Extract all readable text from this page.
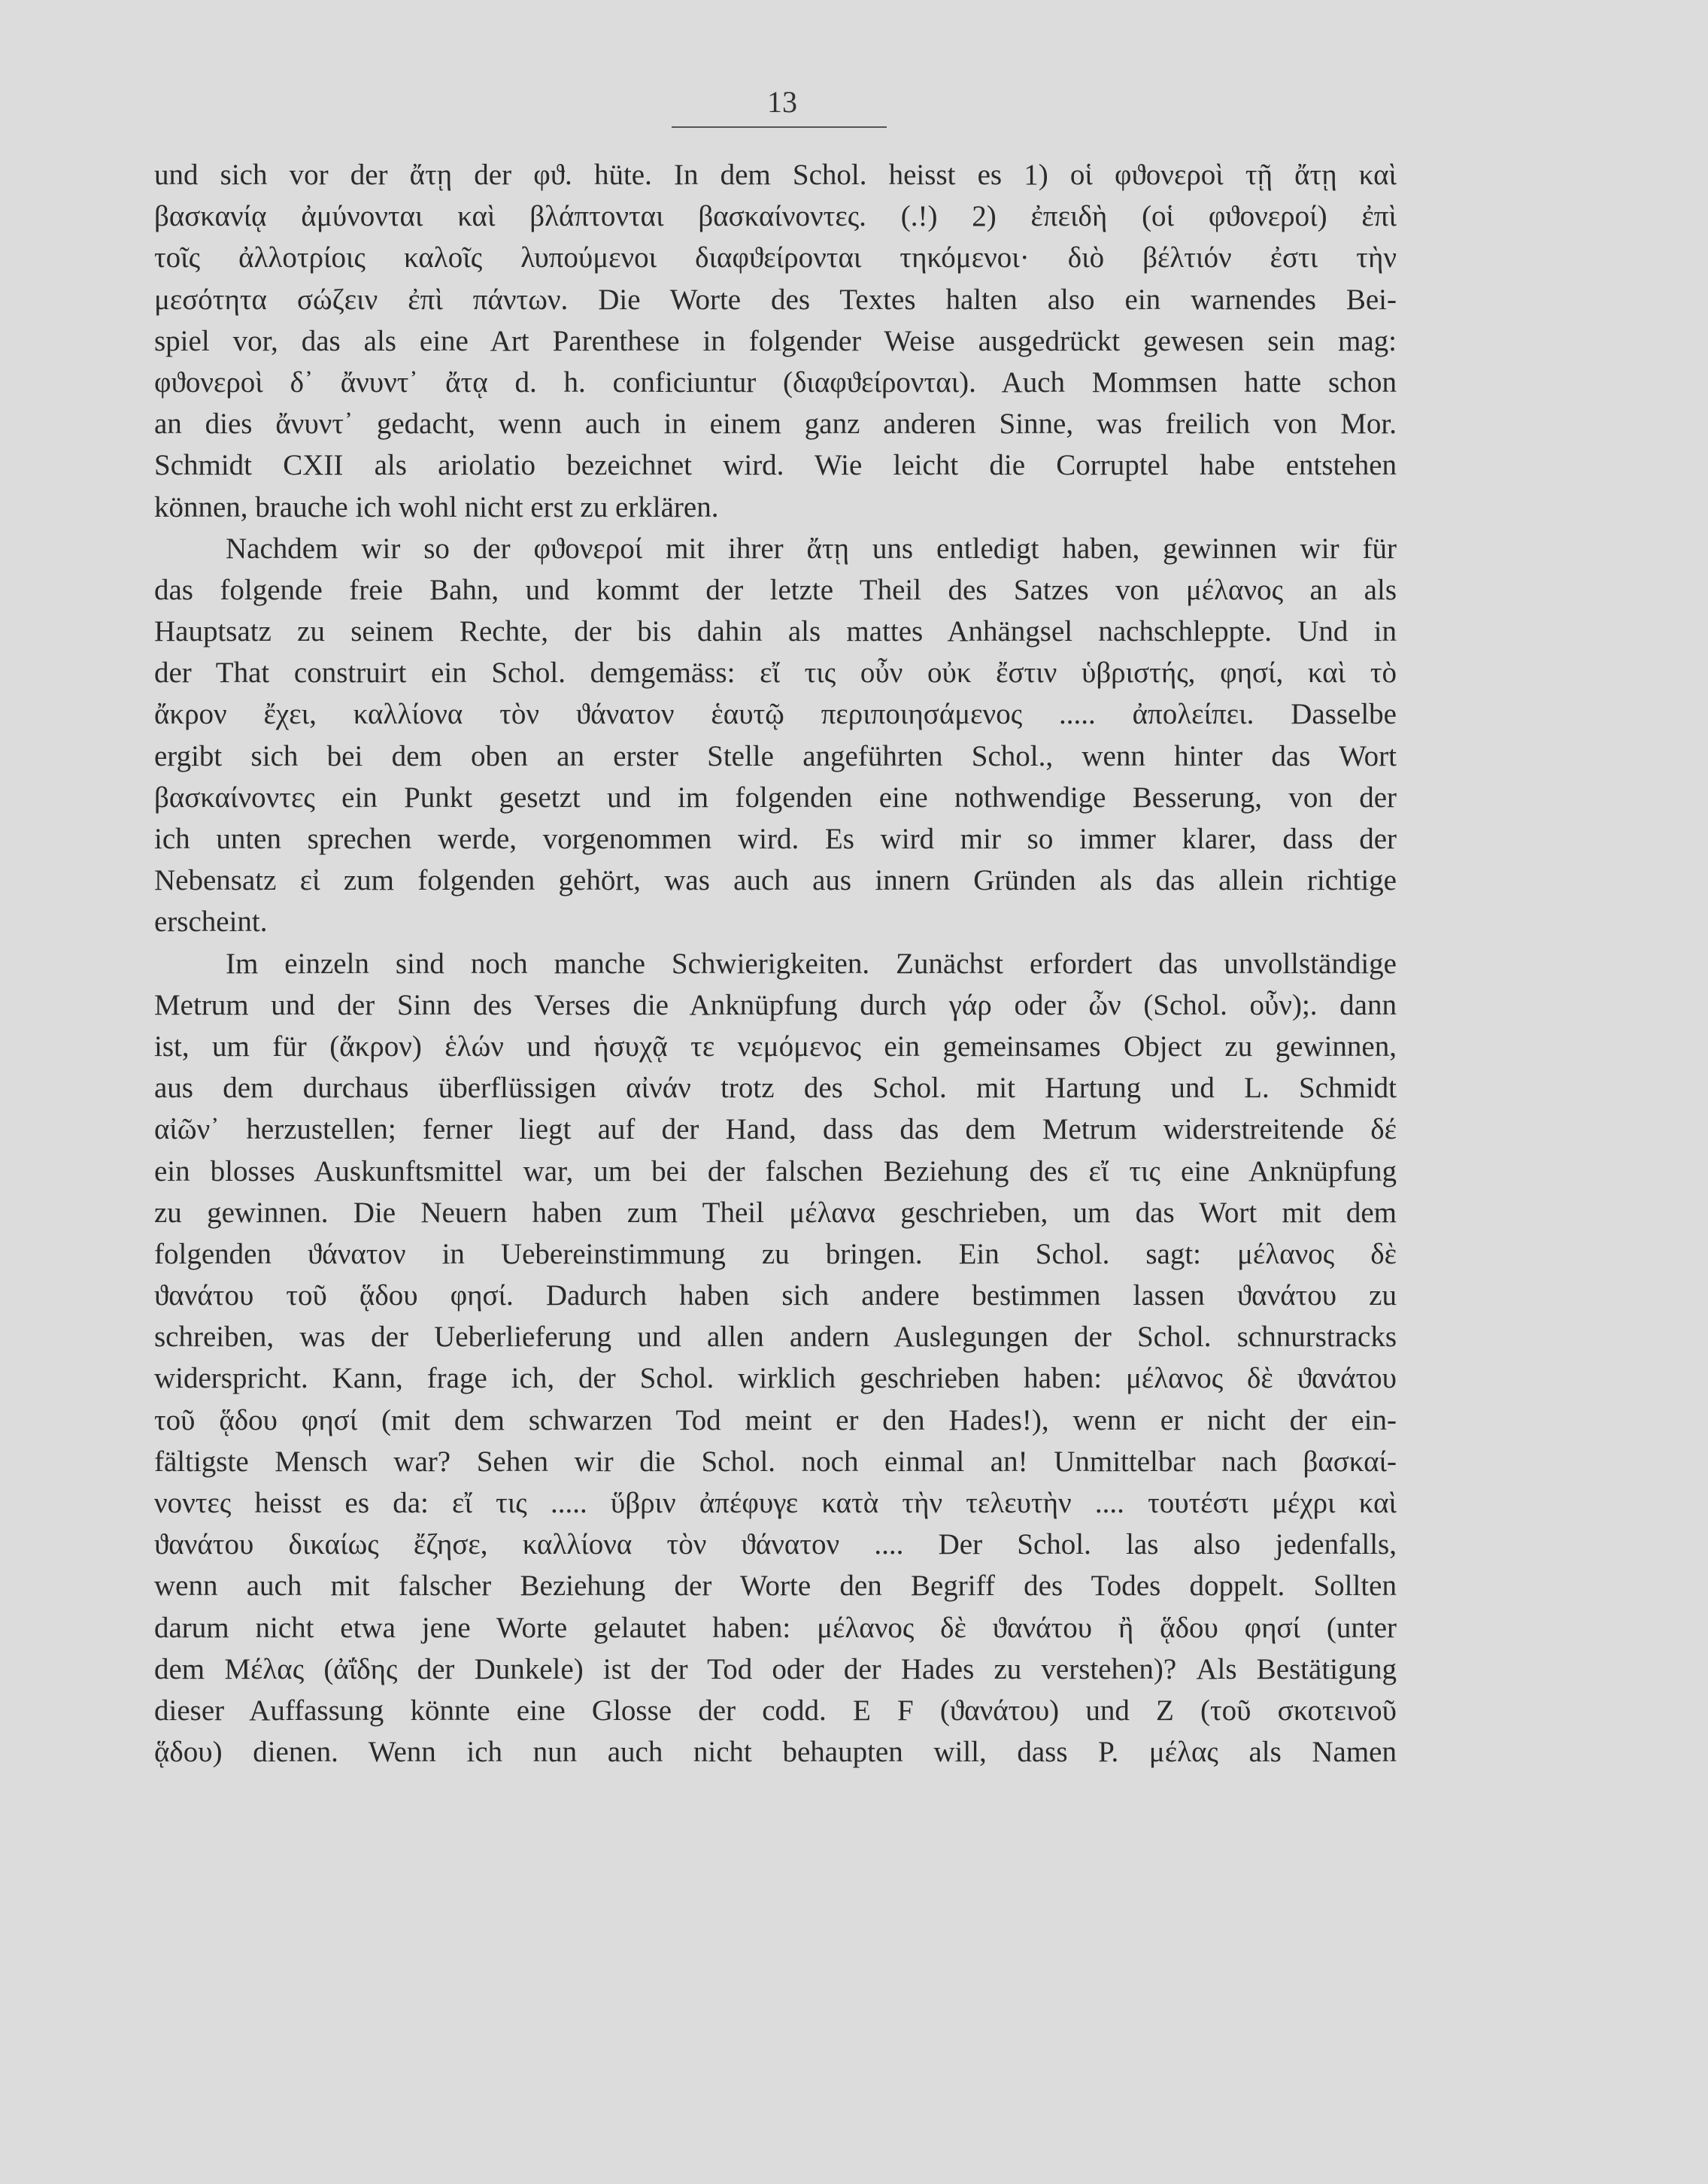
13
und sich vor der ἄτῃ der φϑ. hüte. In dem Schol. heisst es 1) οἱ φϑονεροὶ τῇ ἄτῃ καὶ
βασκανίᾳ ἀμύνονται καὶ βλάπτονται βασκαίνοντες. (.!) 2) ἐπειδὴ (οἱ φϑονεροί) ἐπὶ
τοῖς ἀλλοτρίοις καλοῖς λυπούμενοι διαφϑείρονται τηκόμενοι· διὸ βέλτιόν ἐστι τὴν
μεσότητα σώζειν ἐπὶ πάντων. Die Worte des Textes halten also ein warnendes Bei-
spiel vor, das als eine Art Parenthese in folgender Weise ausgedrückt gewesen sein mag:
φϑονεροὶ δ᾽ ἄνυντ᾽ ἄτᾳ d. h. conficiuntur (διαφϑείρονται). Auch Mommsen hatte schon
an dies ἄνυντ᾽ gedacht, wenn auch in einem ganz anderen Sinne, was freilich von Mor.
Schmidt CXII als ariolatio bezeichnet wird. Wie leicht die Corruptel habe entstehen
können, brauche ich wohl nicht erst zu erklären.
Nachdem wir so der φϑονεροί mit ihrer ἄτῃ uns entledigt haben, gewinnen wir für
das folgende freie Bahn, und kommt der letzte Theil des Satzes von μέλανος an als
Hauptsatz zu seinem Rechte, der bis dahin als mattes Anhängsel nachschleppte. Und in
der That construirt ein Schol. demgemäss: εἴ τις οὖν οὐκ ἔστιν ὑβριστής, φησί, καὶ τὸ
ἄκρον ἔχει, καλλίονα τὸν ϑάνατον ἑαυτῷ περιποιησάμενος ..... ἀπολείπει. Dasselbe
ergibt sich bei dem oben an erster Stelle angeführten Schol., wenn hinter das Wort
βασκαίνοντες ein Punkt gesetzt und im folgenden eine nothwendige Besserung, von der
ich unten sprechen werde, vorgenommen wird. Es wird mir so immer klarer, dass der
Nebensatz εἰ zum folgenden gehört, was auch aus innern Gründen als das allein richtige
erscheint.
Im einzeln sind noch manche Schwierigkeiten. Zunächst erfordert das unvollständige
Metrum und der Sinn des Verses die Anknüpfung durch γάρ oder ὦν (Schol. οὖν);. dann
ist, um für (ἄκρον) ἑλών und ἡσυχᾷ τε νεμόμενος ein gemeinsames Object zu gewinnen,
aus dem durchaus überflüssigen αἰνάν trotz des Schol. mit Hartung und L. Schmidt
αἰῶν᾽ herzustellen; ferner liegt auf der Hand, dass das dem Metrum widerstreitende δέ
ein blosses Auskunftsmittel war, um bei der falschen Beziehung des εἴ τις eine Anknüpfung
zu gewinnen. Die Neuern haben zum Theil μέλανα geschrieben, um das Wort mit dem
folgenden ϑάνατον in Uebereinstimmung zu bringen. Ein Schol. sagt: μέλανος δὲ
ϑανάτου τοῦ ᾅδου φησί. Dadurch haben sich andere bestimmen lassen ϑανάτου zu
schreiben, was der Ueberlieferung und allen andern Auslegungen der Schol. schnurstracks
widerspricht. Kann, frage ich, der Schol. wirklich geschrieben haben: μέλανος δὲ ϑανάτου
τοῦ ᾅδου φησί (mit dem schwarzen Tod meint er den Hades!), wenn er nicht der ein-
fältigste Mensch war? Sehen wir die Schol. noch einmal an! Unmittelbar nach βασκαί-
νοντες heisst es da: εἴ τις ..... ὕβριν ἀπέφυγε κατὰ τὴν τελευτὴν .... τουτέστι μέχρι καὶ
ϑανάτου δικαίως ἔζησε, καλλίονα τὸν ϑάνατον .... Der Schol. las also jedenfalls,
wenn auch mit falscher Beziehung der Worte den Begriff des Todes doppelt. Sollten
darum nicht etwa jene Worte gelautet haben: μέλανος δὲ ϑανάτου ἢ ᾅδου φησί (unter
dem Μέλας (ἀΐδης der Dunkele) ist der Tod oder der Hades zu verstehen)? Als Bestätigung
dieser Auffassung könnte eine Glosse der codd. E F (ϑανάτου) und Z (τοῦ σκοτεινοῦ
ᾅδου) dienen. Wenn ich nun auch nicht behaupten will, dass P. μέλας als Namen
